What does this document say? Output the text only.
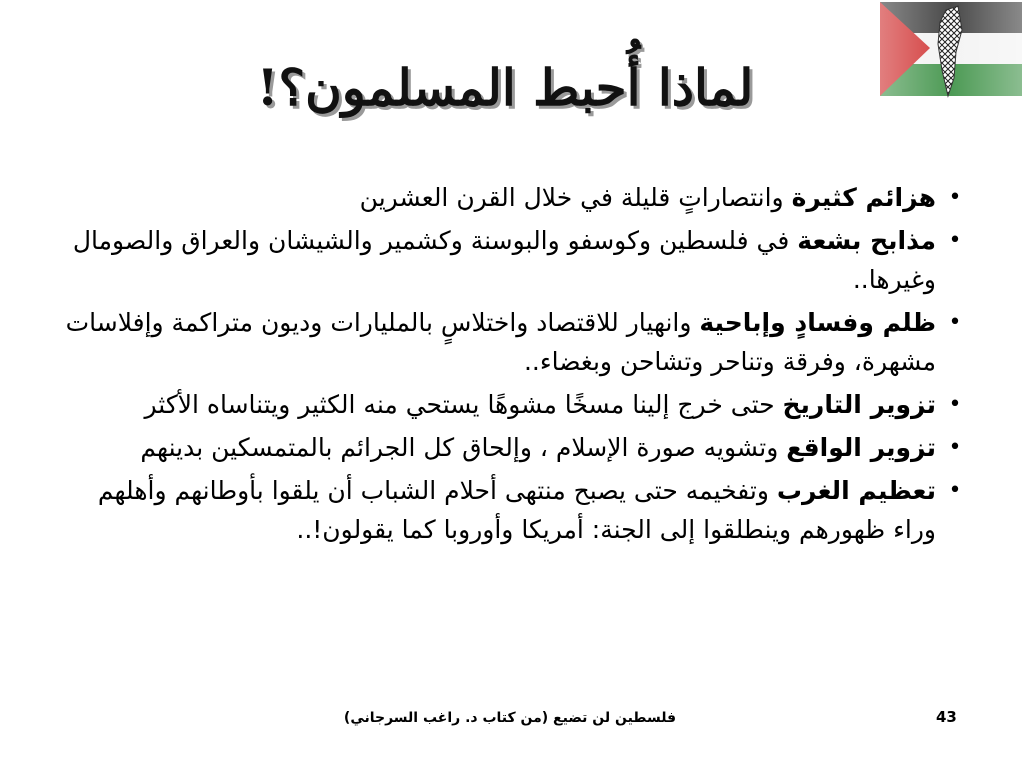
لماذا أُحبط المسلمون؟!
•
هزائم كثيرة وانتصاراتٍ قليلة في خلال القرن العشرين
•
مذابح بشعة في فلسطين وكوسفو والبوسنة وكشمير والشيشان والعراق والصومال وغيرها..
•
ظلم وفسادٍ وإباحية وانهيار للاقتصاد واختلاسٍ بالمليارات وديون متراكمة وإفلاسات مشهرة، وفرقة وتناحر وتشاحن وبغضاء..
•
تزوير التاريخ حتى خرج إلينا مسخًا مشوهًا يستحي منه الكثير ويتناساه الأكثر
•
تزوير الواقع وتشويه صورة الإسلام ، وإلحاق كل الجرائم بالمتمسكين بدينهم
•
تعظيم الغرب وتفخيمه حتى يصبح منتهى أحلام الشباب أن يلقوا بأوطانهم وأهلهم وراء ظهورهم وينطلقوا إلى الجنة: أمريكا وأوروبا كما يقولون!..
فلسطين لن تضيع (من كتاب د. راغب السرجاني)	43
